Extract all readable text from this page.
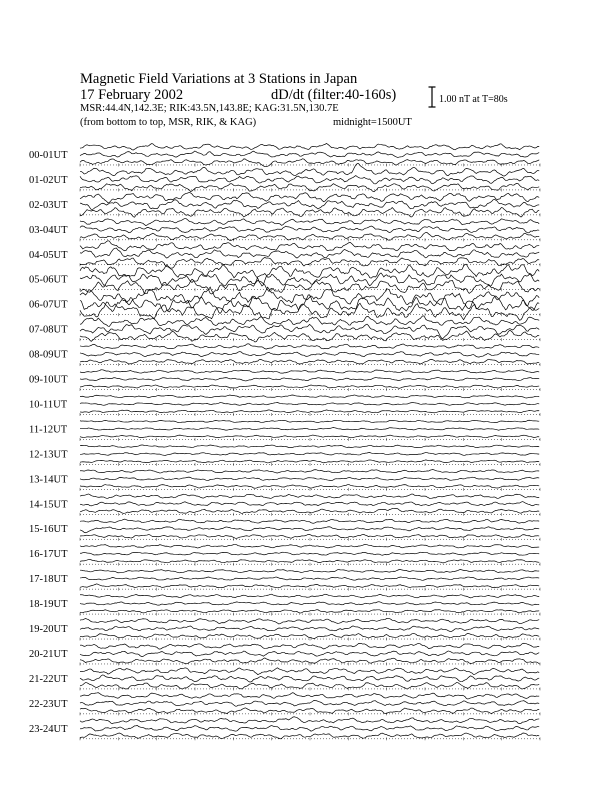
Magnetic Field Variations at 3 Stations in Japan
17 February 2002	dD/dt (filter:40-160s)
MSR:44.4N,142.3E; RIK:43.5N,143.8E; KAG:31.5N,130.7E
(from bottom to top, MSR, RIK, & KAG)	midnight=1500UT
1.00 nT at T=80s
00-01UT
01-02UT
02-03UT
03-04UT
04-05UT
05-06UT
06-07UT
07-08UT
08-09UT
09-10UT
10-11UT
11-12UT
12-13UT
13-14UT
14-15UT
15-16UT
16-17UT
17-18UT
18-19UT
19-20UT
20-21UT
21-22UT
22-23UT
23-24UT
